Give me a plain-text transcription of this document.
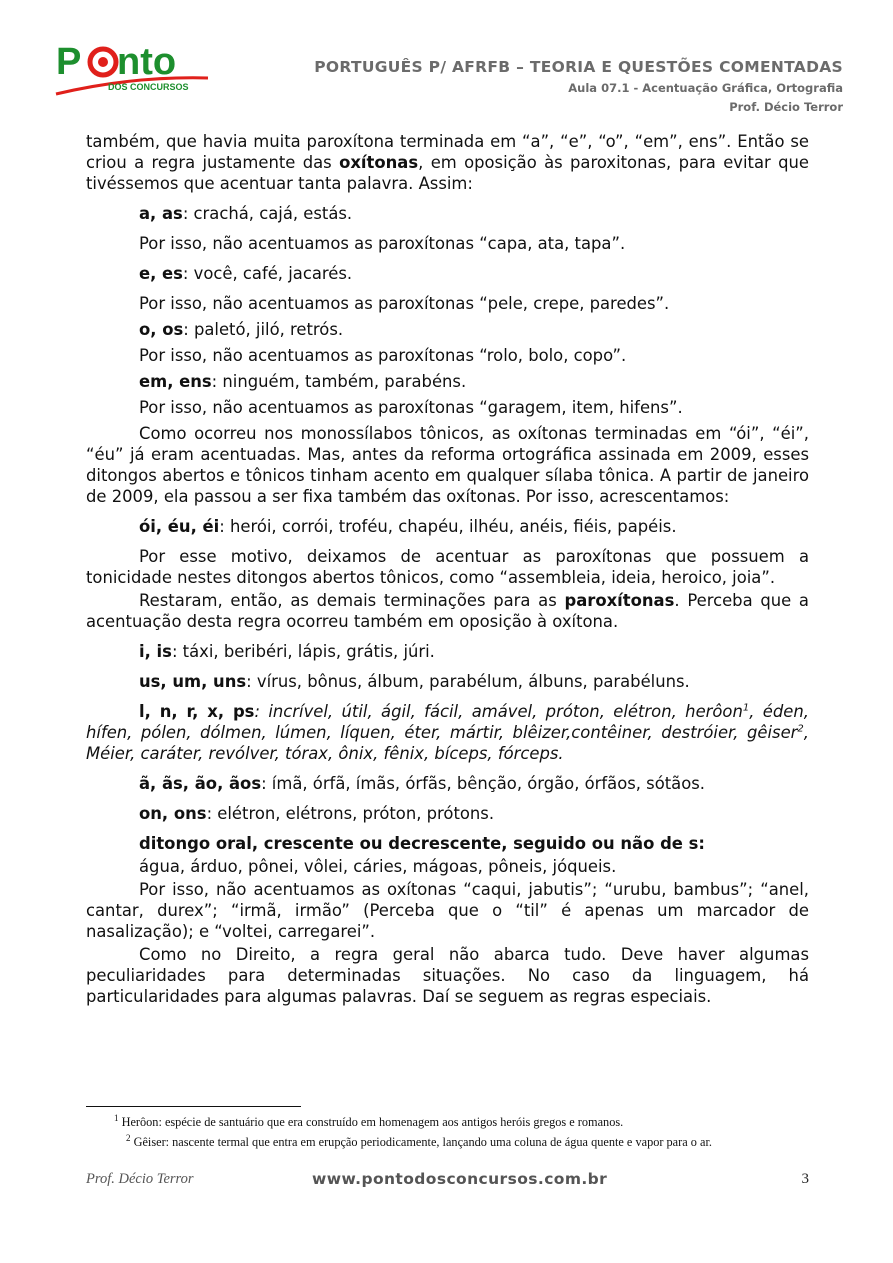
P nto
DOS CONCURSOS
PORTUGUÊS P/ AFRFB – TEORIA E QUESTÕES COMENTADAS
Aula 07.1 - Acentuação Gráfica, Ortografia
Prof. Décio Terror

também, que havia muita paroxítona terminada em “a”, “e”, “o”, “em”, ens”. Então se criou a regra justamente das oxítonas, em oposição às paroxitonas, para evitar que tivéssemos que acentuar tanta palavra. Assim:

a, as: crachá, cajá, estás.

Por isso, não acentuamos as paroxítonas “capa, ata, tapa”.

e, es: você, café, jacarés.

Por isso, não acentuamos as paroxítonas “pele, crepe, paredes”.

o, os: paletó, jiló, retrós.

Por isso, não acentuamos as paroxítonas “rolo, bolo, copo”.

em, ens: ninguém, também, parabéns.

Por isso, não acentuamos as paroxítonas “garagem, item, hifens”.

Como ocorreu nos monossílabos tônicos, as oxítonas terminadas em “ói”, “éi”, “éu” já eram acentuadas. Mas, antes da reforma ortográfica assinada em 2009, esses ditongos abertos e tônicos tinham acento em qualquer sílaba tônica. A partir de janeiro de 2009, ela passou a ser fixa também das oxítonas. Por isso, acrescentamos:

ói, éu, éi: herói, corrói, troféu, chapéu, ilhéu, anéis, fiéis, papéis.

Por esse motivo, deixamos de acentuar as paroxítonas que possuem a tonicidade nestes ditongos abertos tônicos, como “assembleia, ideia, heroico, joia”.

Restaram, então, as demais terminações para as paroxítonas. Perceba que a acentuação desta regra ocorreu também em oposição à oxítona.

i, is: táxi, beribéri, lápis, grátis, júri.

us, um, uns: vírus, bônus, álbum, parabélum, álbuns, parabéluns.

l, n, r, x, ps: incrível, útil, ágil, fácil, amável, próton, elétron, herôon$^1$, éden, hífen, pólen, dólmen, lúmen, líquen, éter, mártir, blêizer,contêiner, destróier, gêiser$^2$, Méier, caráter, revólver, tórax, ônix, fênix, bíceps, fórceps.

ã, ãs, ão, ãos: ímã, órfã, ímãs, órfãs, bênção, órgão, órfãos, sótãos.

on, ons: elétron, elétrons, próton, prótons.

ditongo oral, crescente ou decrescente, seguido ou não de s:

água, árduo, pônei, vôlei, cáries, mágoas, pôneis, jóqueis.

Por isso, não acentuamos as oxítonas “caqui, jabutis”; “urubu, bambus”; “anel, cantar, durex”; “irmã, irmão” (Perceba que o “til” é apenas um marcador de nasalização); e “voltei, carregarei”.

Como no Direito, a regra geral não abarca tudo. Deve haver algumas peculiaridades para determinadas situações. No caso da linguagem, há particularidades para algumas palavras. Daí se seguem as regras especiais.

$^1$ Herôon: espécie de santuário que era construído em homenagem aos antigos heróis gregos e romanos.
$^2$ Gêiser: nascente termal que entra em erupção periodicamente, lançando uma coluna de água quente e vapor para o ar.
Prof. Décio Terror	www.pontodosconcursos.com.br	3
